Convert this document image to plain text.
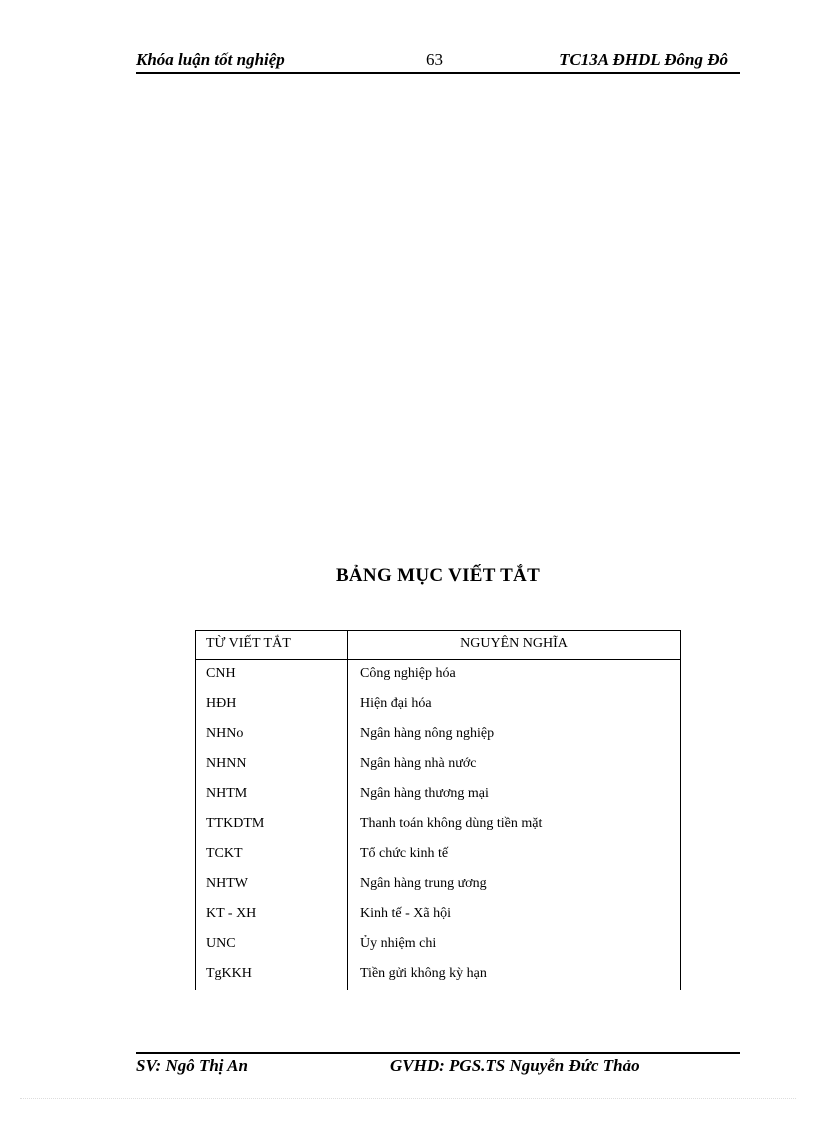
Khóa luận tốt nghiệp	63	TC13A ĐHDL Đông Đô
BẢNG MỤC VIẾT TẮT
TỪ VIẾT TẮT	NGUYÊN NGHĨA
CNH	Công nghiệp hóa
HĐH	Hiện đại hóa
NHNo	Ngân hàng nông nghiệp
NHNN	Ngân hàng nhà nước
NHTM	Ngân hàng thương mại
TTKDTM	Thanh toán không dùng tiền mặt
TCKT	Tổ chức kinh tế
NHTW	Ngân hàng trung ương
KT - XH	Kinh tế - Xã hội
UNC	Ủy nhiệm chi
TgKKH	Tiền gửi không kỳ hạn
SV: Ngô Thị An	GVHD: PGS.TS Nguyễn Đức Thảo
